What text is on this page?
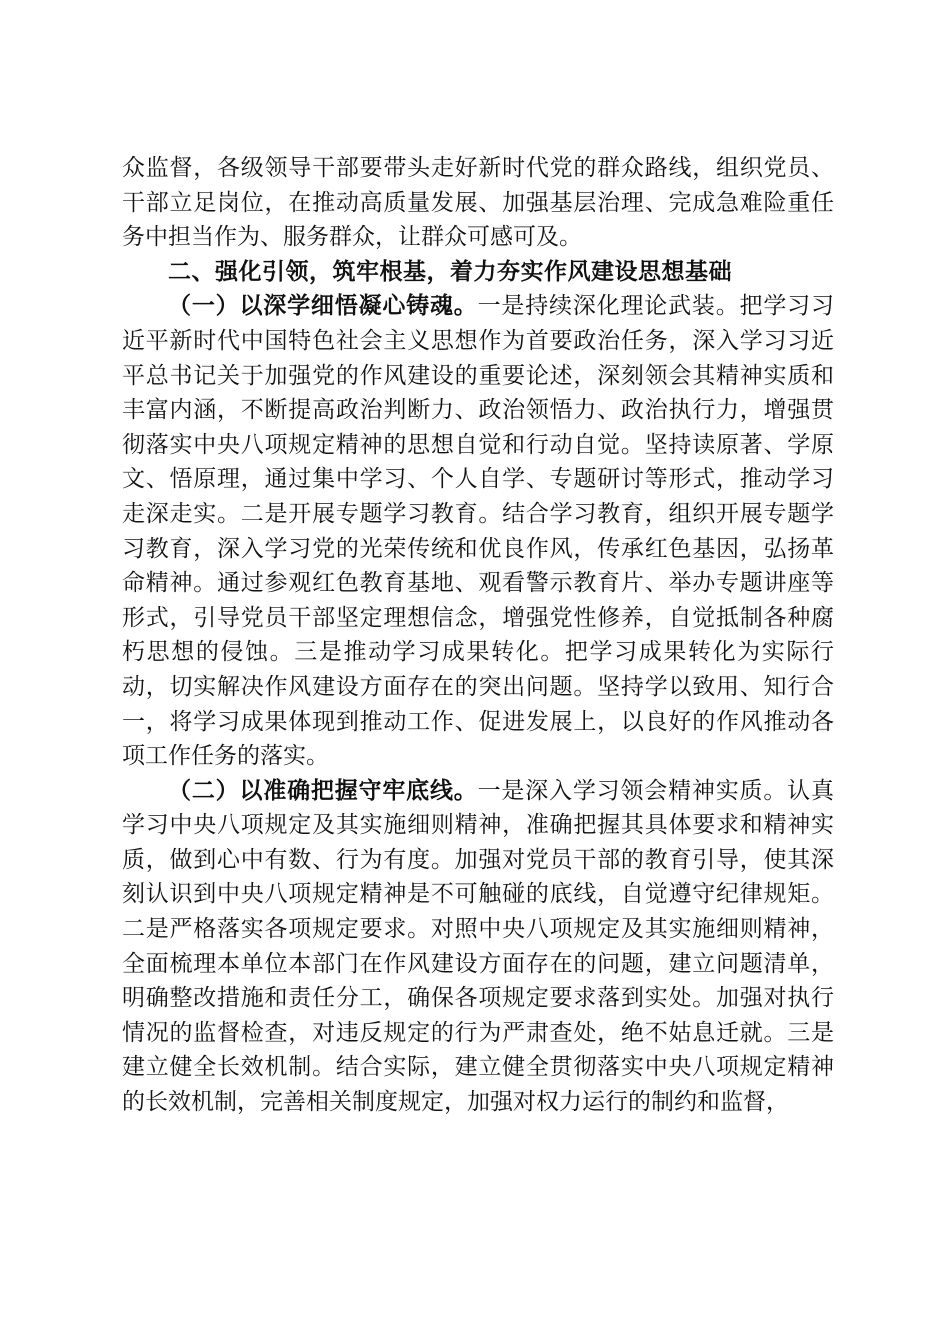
众监督，各级领导干部要带头走好新时代党的群众路线，组织党员、干部立足岗位，在推动高质量发展、加强基层治理、完成急难险重任务中担当作为、服务群众，让群众可感可及。

二、强化引领，筑牢根基，着力夯实作风建设思想基础

（一）以深学细悟凝心铸魂。一是持续深化理论武装。把学习习近平新时代中国特色社会主义思想作为首要政治任务，深入学习习近平总书记关于加强党的作风建设的重要论述，深刻领会其精神实质和丰富内涵，不断提高政治判断力、政治领悟力、政治执行力，增强贯彻落实中央八项规定精神的思想自觉和行动自觉。坚持读原著、学原文、悟原理，通过集中学习、个人自学、专题研讨等形式，推动学习走深走实。二是开展专题学习教育。结合学习教育，组织开展专题学习教育，深入学习党的光荣传统和优良作风，传承红色基因，弘扬革命精神。通过参观红色教育基地、观看警示教育片、举办专题讲座等形式，引导党员干部坚定理想信念，增强党性修养，自觉抵制各种腐朽思想的侵蚀。三是推动学习成果转化。把学习成果转化为实际行动，切实解决作风建设方面存在的突出问题。坚持学以致用、知行合一，将学习成果体现到推动工作、促进发展上，以良好的作风推动各项工作任务的落实。

（二）以准确把握守牢底线。一是深入学习领会精神实质。认真学习中央八项规定及其实施细则精神，准确把握其具体要求和精神实质，做到心中有数、行为有度。加强对党员干部的教育引导，使其深刻认识到中央八项规定精神是不可触碰的底线，自觉遵守纪律规矩。二是严格落实各项规定要求。对照中央八项规定及其实施细则精神，全面梳理本单位本部门在作风建设方面存在的问题，建立问题清单，明确整改措施和责任分工，确保各项规定要求落到实处。加强对执行情况的监督检查，对违反规定的行为严肃查处，绝不姑息迁就。三是建立健全长效机制。结合实际，建立健全贯彻落实中央八项规定精神的长效机制，完善相关制度规定，加强对权力运行的制约和监督，
